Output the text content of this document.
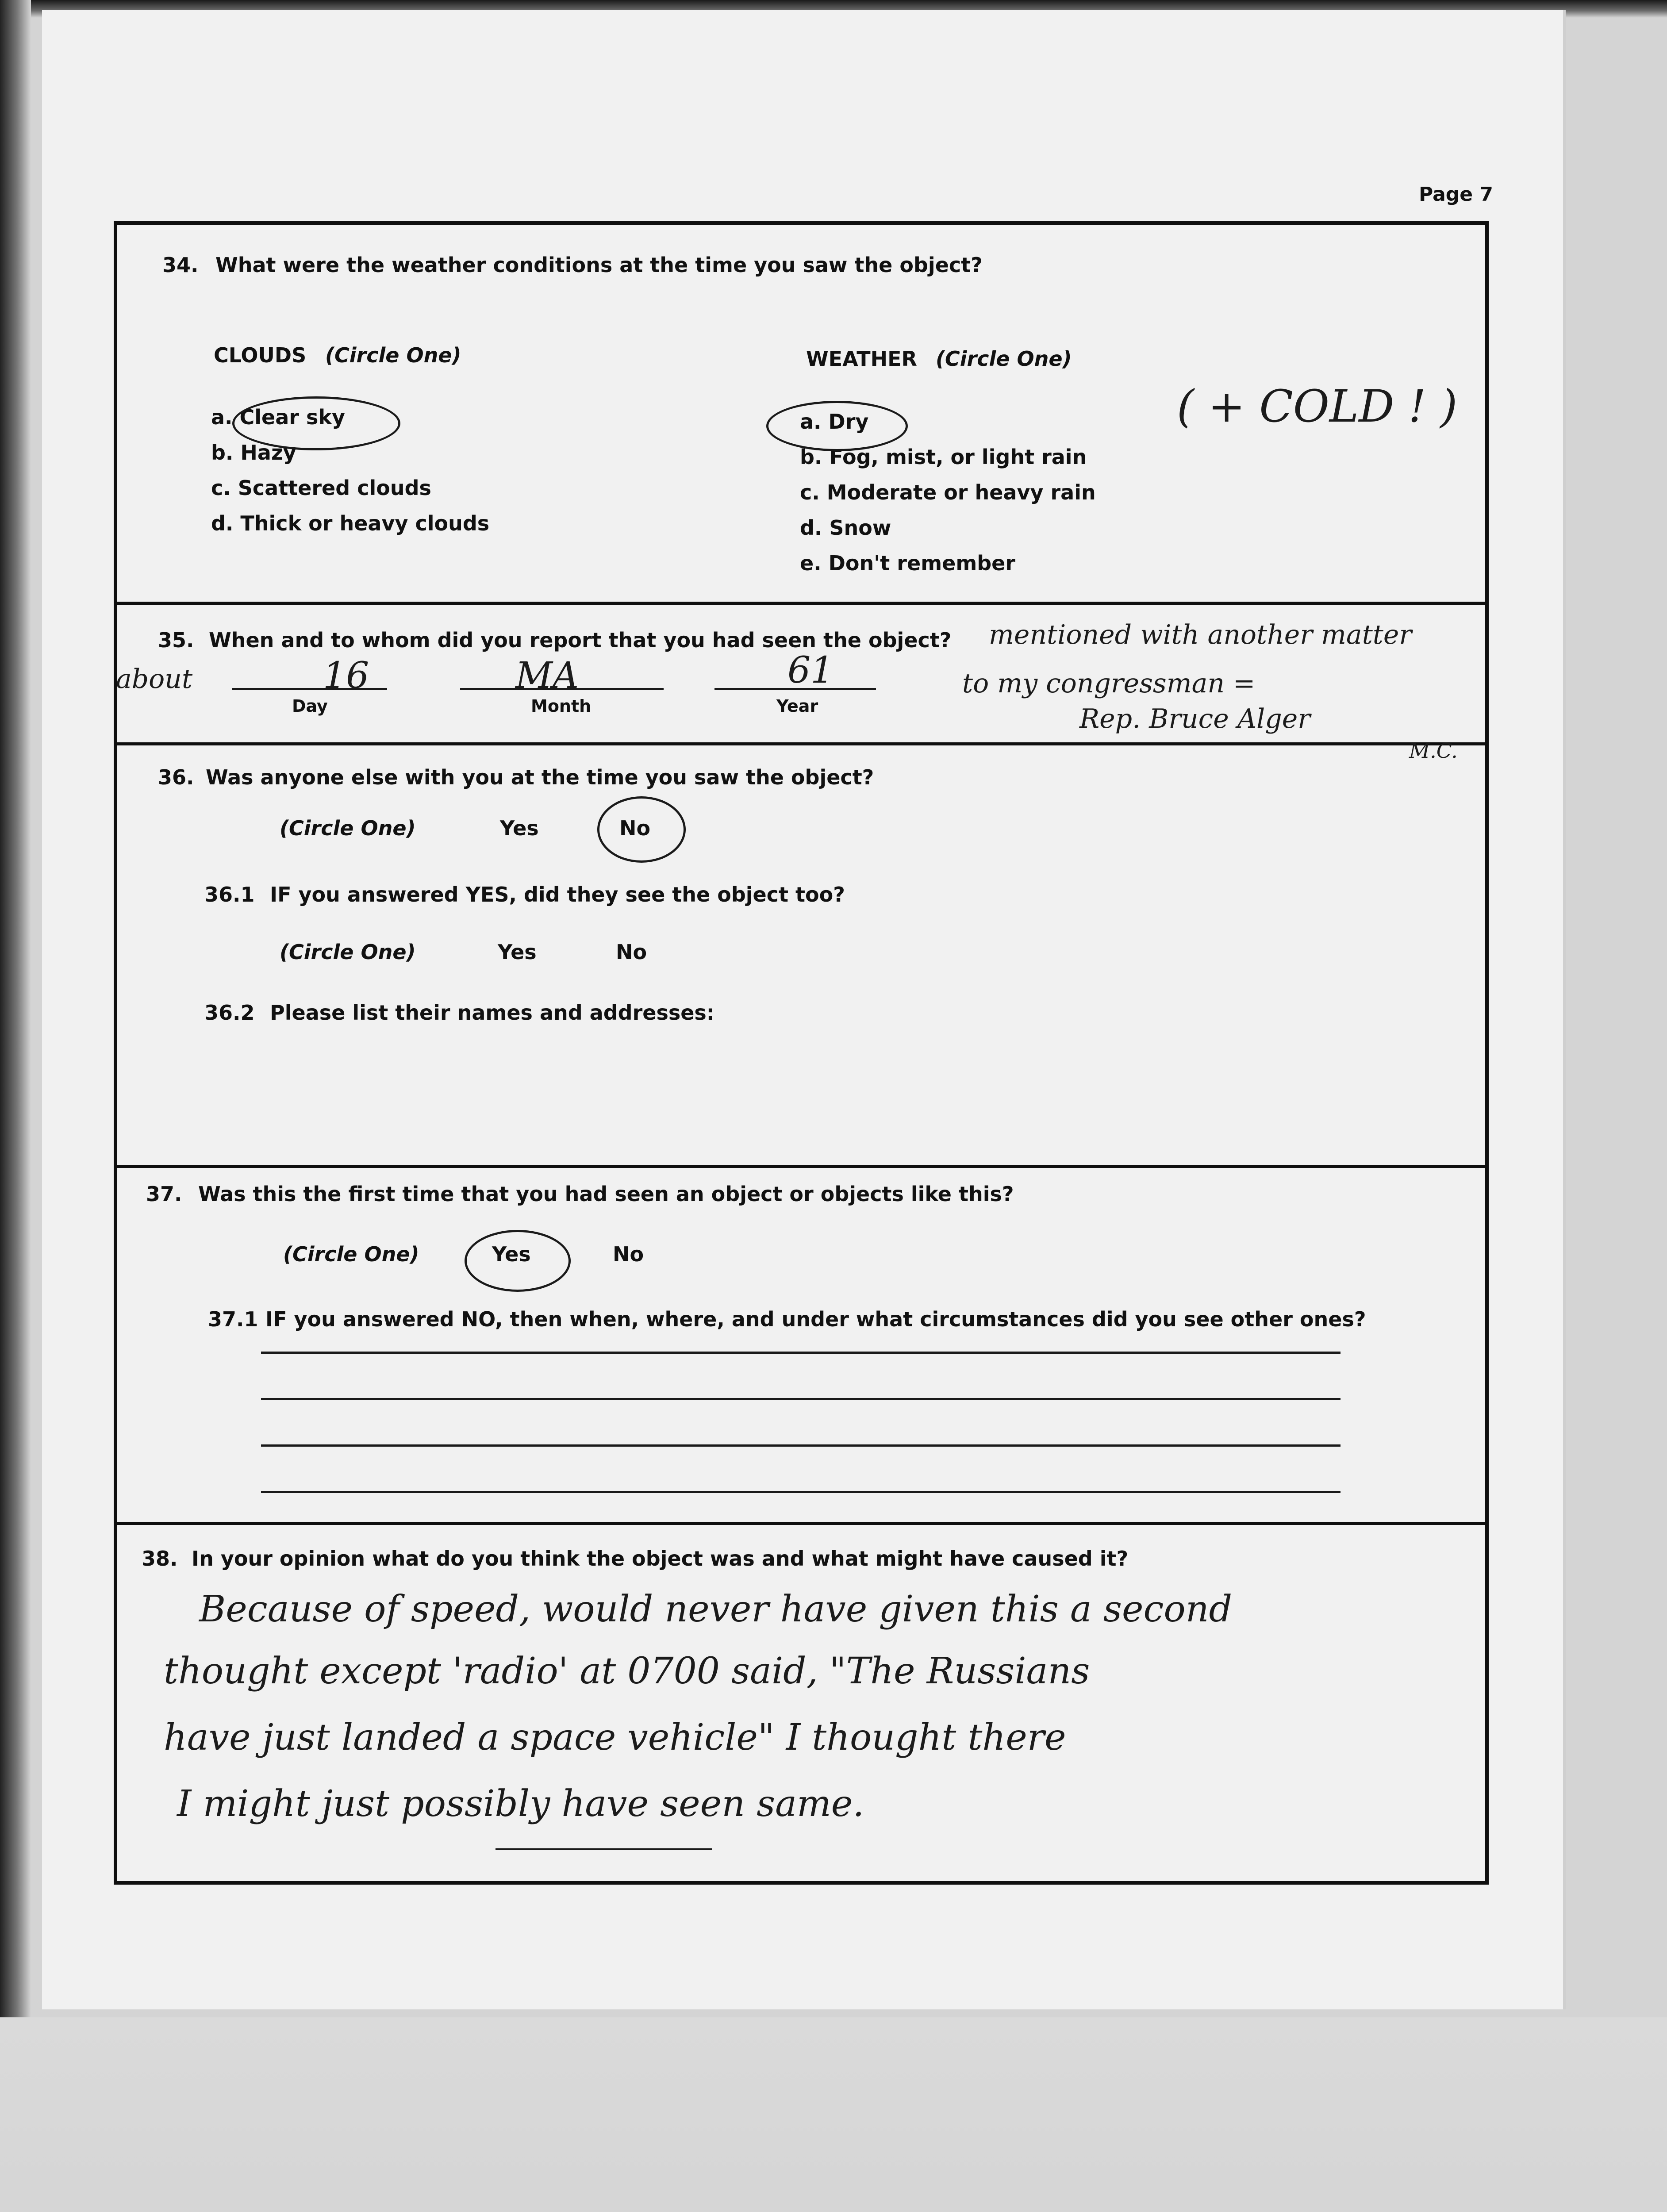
Page 7
34. What were the weather conditions at the time you saw the object?
CLOUDS (Circle One)
a. Clear sky
b. Hazy
c. Scattered clouds
d. Thick or heavy clouds
WEATHER (Circle One)
a. Dry
b. Fog, mist, or light rain
c. Moderate or heavy rain
d. Snow
e. Don't remember
( + COLD ! )
35. When and to whom did you report that you had seen the object?
about	16	MA	61
Day	Month	Year
mentioned with another matter
to my congressman =
Rep. Bruce Alger
M.C.
36. Was anyone else with you at the time you saw the object?
(Circle One)	Yes	No
36.1 IF you answered YES, did they see the object too?
(Circle One)	Yes	No
36.2 Please list their names and addresses:
37. Was this the first time that you had seen an object or objects like this?
(Circle One)	Yes	No
37.1 IF you answered NO, then when, where, and under what circumstances did you see other ones?
38. In your opinion what do you think the object was and what might have caused it?
Because of speed, would never have given this a second
thought except 'radio' at 0700 said, "The Russians
have just landed a space vehicle" I thought there
I might just possibly have seen same.
